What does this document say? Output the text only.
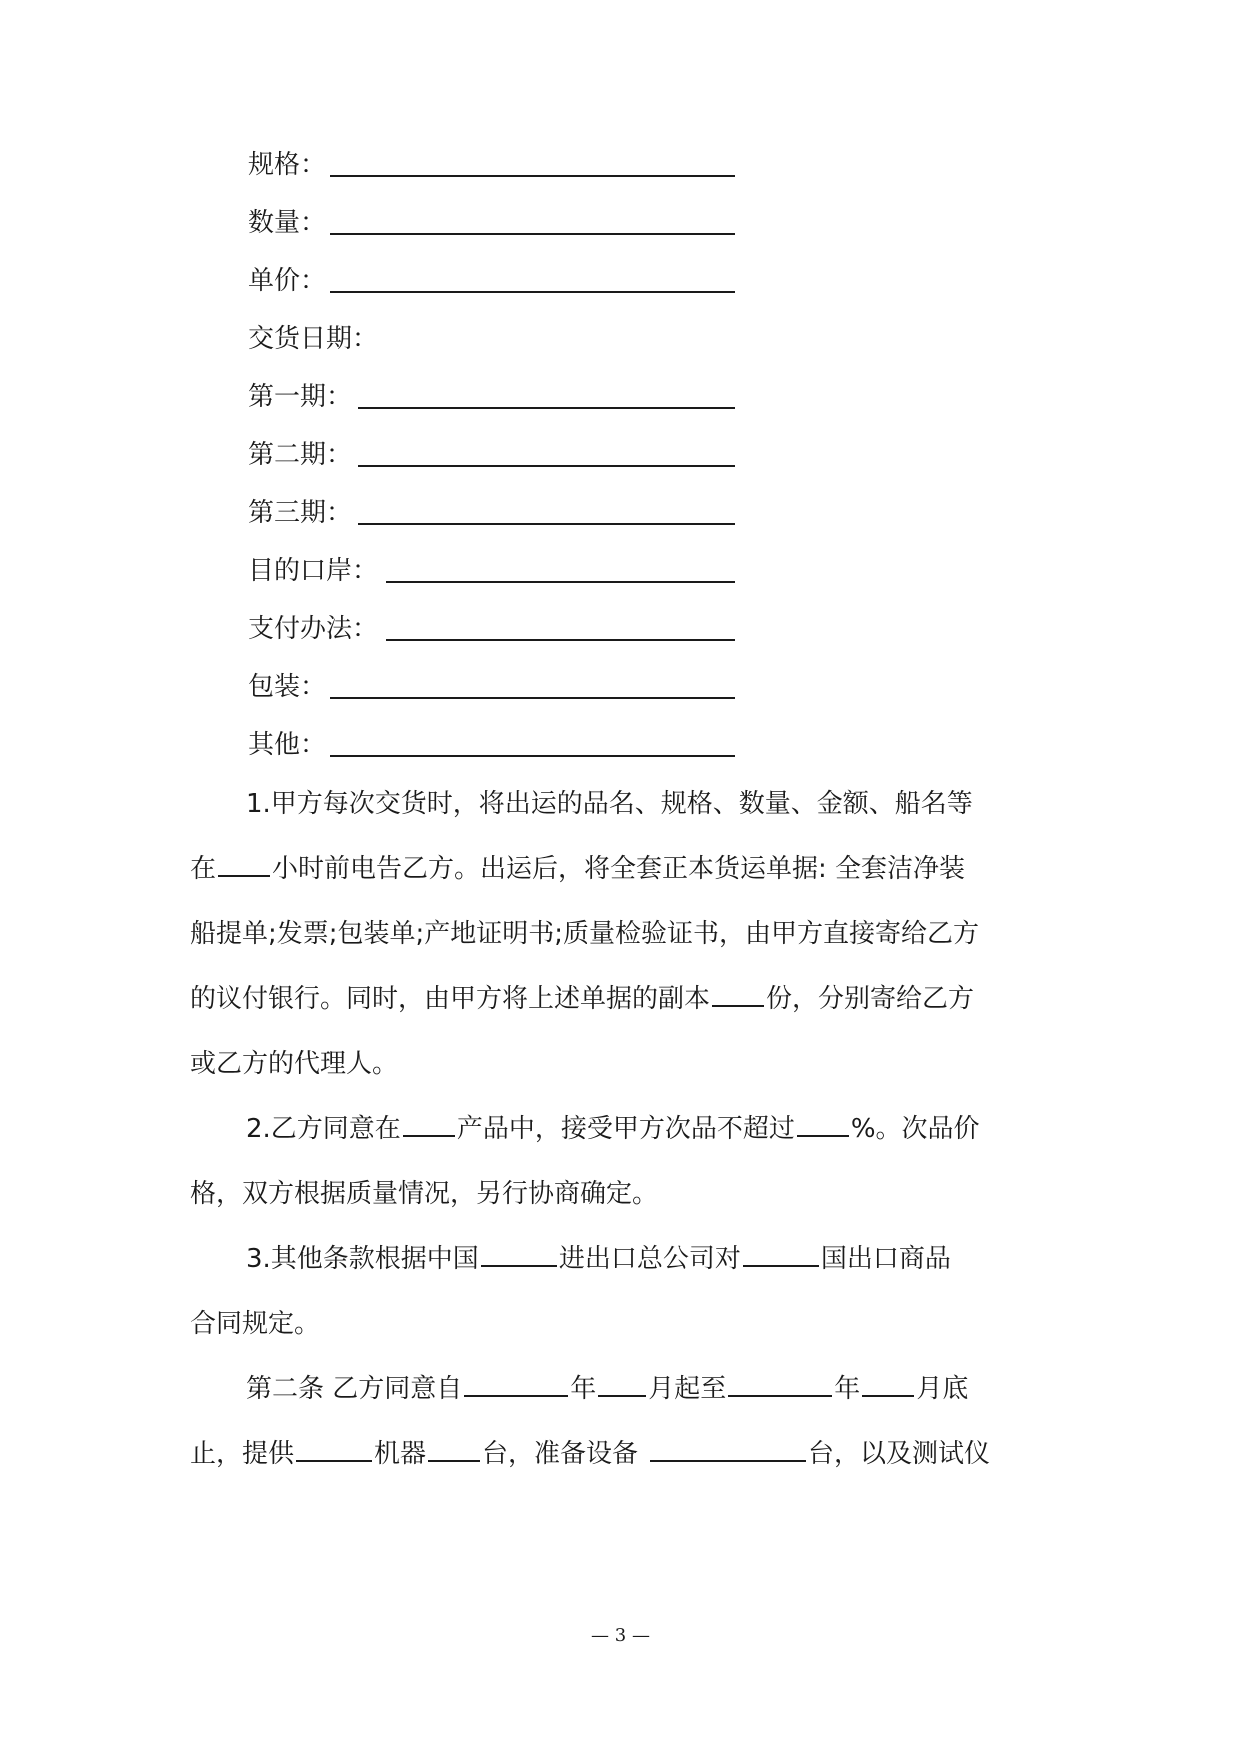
规格：
数量：
单价：
交货日期：
第一期：
第二期：
第三期：
目的口岸：
支付办法：
包装：
其他：
1.甲方每次交货时，将出运的品名、规格、数量、金额、船名等
在 小时前电告乙方。出运后，将全套正本货运单据: 全套洁净装
船提单;发票;包装单;产地证明书;质量检验证书，由甲方直接寄给乙方
的议付银行。同时，由甲方将上述单据的副本 份，分别寄给乙方
或乙方的代理人。
2.乙方同意在 产品中，接受甲方次品不超过 %。次品价
格，双方根据质量情况，另行协商确定。
3.其他条款根据中国	进出口总公司对	国出口商品
合同规定。
第二条 乙方同意自	年 月起至	年 月底
止，提供	机器 台，准备设备	台，以及测试仪
— 3 —
